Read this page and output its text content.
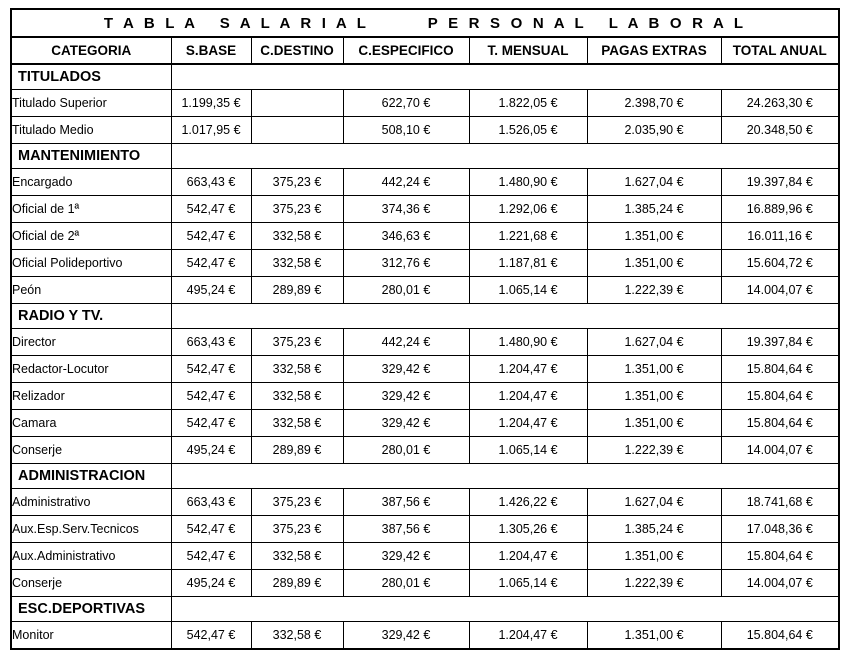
T A B L A   S A L A R I A L        P E R S O N A L   L A B O R A L						

CATEGORIA	S.BASE	C.DESTINO	C.ESPECIFICO	T. MENSUAL	PAGAS EXTRAS	TOTAL ANUAL
TITULADOS						
Titulado Superior	1.199,35 €		622,70 €	1.822,05 €	2.398,70 €	24.263,30 €
Titulado Medio	1.017,95 €		508,10 €	1.526,05 €	2.035,90 €	20.348,50 €
MANTENIMIENTO						
Encargado	663,43 €	375,23 €	442,24 €	1.480,90 €	1.627,04 €	19.397,84 €
Oficial de 1ª	542,47 €	375,23 €	374,36 €	1.292,06 €	1.385,24 €	16.889,96 €
Oficial de 2ª	542,47 €	332,58 €	346,63 €	1.221,68 €	1.351,00 €	16.011,16 €
Oficial Polideportivo	542,47 €	332,58 €	312,76 €	1.187,81 €	1.351,00 €	15.604,72 €
Peón	495,24 €	289,89 €	280,01 €	1.065,14 €	1.222,39 €	14.004,07 €
RADIO Y TV.						
Director	663,43 €	375,23 €	442,24 €	1.480,90 €	1.627,04 €	19.397,84 €
Redactor-Locutor	542,47 €	332,58 €	329,42 €	1.204,47 €	1.351,00 €	15.804,64 €
Relizador	542,47 €	332,58 €	329,42 €	1.204,47 €	1.351,00 €	15.804,64 €
Camara	542,47 €	332,58 €	329,42 €	1.204,47 €	1.351,00 €	15.804,64 €
Conserje	495,24 €	289,89 €	280,01 €	1.065,14 €	1.222,39 €	14.004,07 €
ADMINISTRACION						
Administrativo	663,43 €	375,23 €	387,56 €	1.426,22 €	1.627,04 €	18.741,68 €
Aux.Esp.Serv.Tecnicos	542,47 €	375,23 €	387,56 €	1.305,26 €	1.385,24 €	17.048,36 €
Aux.Administrativo	542,47 €	332,58 €	329,42 €	1.204,47 €	1.351,00 €	15.804,64 €
Conserje	495,24 €	289,89 €	280,01 €	1.065,14 €	1.222,39 €	14.004,07 €
ESC.DEPORTIVAS						
Monitor	542,47 €	332,58 €	329,42 €	1.204,47 €	1.351,00 €	15.804,64 €
